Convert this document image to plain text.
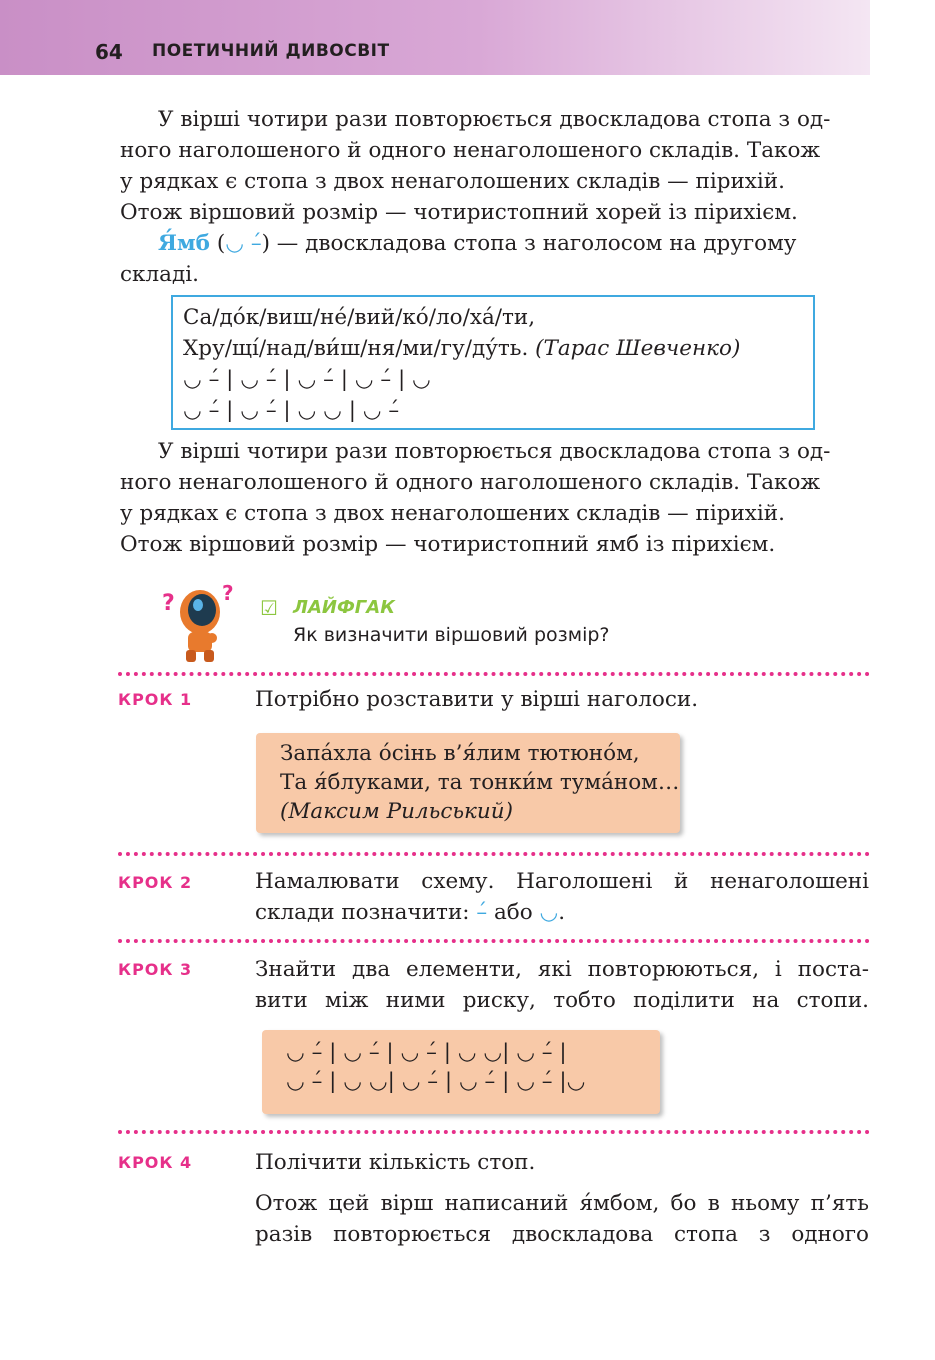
64 ПОЕТИЧНИЙ ДИВОСВІТ
У вірші чотири рази повторюється двоскладова стопа з од-
ного наголошеного й одного ненаголошеного складів. Також
у рядках є стопа з двох ненаголошених складів — пірихій.
Отож віршовий розмір — чотиристопний хорей із пірихієм.
Я́мб (◡ –́) — двоскладова стопа з наголосом на другому
складі.
Са/до́к/виш/не́/вий/ко́/ло/ха́/ти,
Хру/щі́/над/ви́ш/ня/ми/гу/ду́ть. (Тарас Шевченко)
◡ –́ | ◡ –́ | ◡ –́ | ◡ –́ | ◡
◡ –́ | ◡ –́ | ◡ ◡ | ◡ –́
У вірші чотири рази повторюється двоскладова стопа з од-
ного ненаголошеного й одного наголошеного складів. Також
у рядках є стопа з двох ненаголошених складів — пірихій.
Отож віршовий розмір — чотиристопний ямб із пірихієм.
? ?
☑ ЛАЙФГАК
Як визначити віршовий розмір?
КРОК 1	Потрібно розставити у вірші наголоси.

Запа́хла о́сінь в’я́лим тютюно́м,
Та я́блуками, та тонки́м тума́ном…
(Максим Рильський)
КРОК 2	Намалювати схему. Наголошені й ненаголошені
склади позначити: –́ або ◡.
КРОК 3	Знайти два елементи, які повторюються, і поста-
вити між ними риску, тобто поділити на стопи.
◡ –́ | ◡ –́ | ◡ –́ | ◡ ◡| ◡ –́ |
◡ –́ | ◡ ◡| ◡ –́ | ◡ –́ | ◡ –́ |◡
КРОК 4	Полічити кількість стоп.

Отож цей вірш написаний я́мбом, бо в ньому п’ять
разів повторюється двоскладова стопа з одного
